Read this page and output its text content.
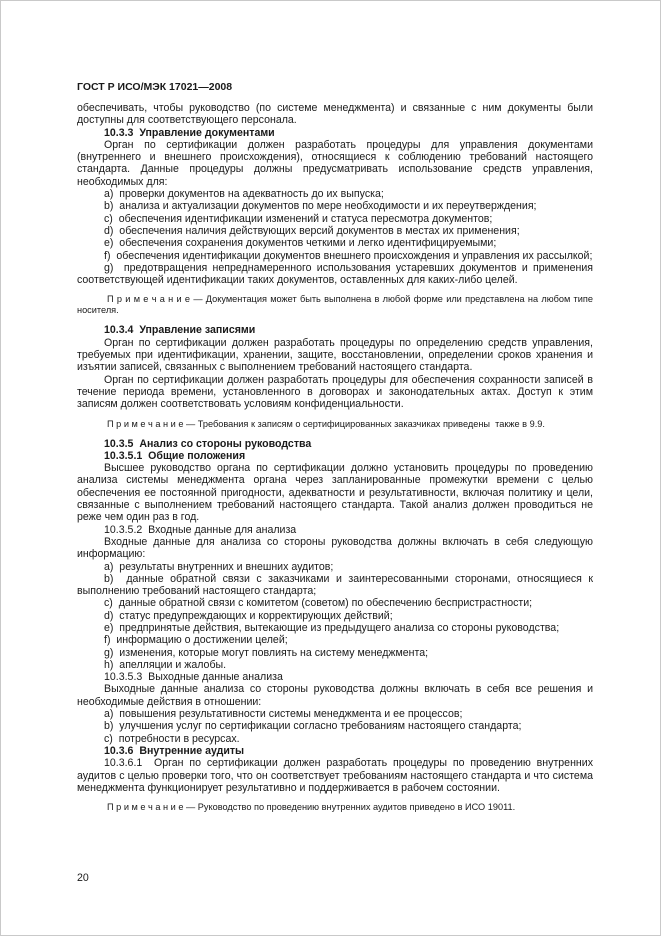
ГОСТ Р ИСО/МЭК 17021—2008

обеспечивать, чтобы руководство (по системе менеджмента) и связанные с ним документы были доступны для соответствующего персонала.

10.3.3  Управление документами

Орган по сертификации должен разработать процедуры для управления документами (внутреннего и внешнего происхождения), относящиеся к соблюдению требований настоящего стандарта. Данные процедуры должны предусматривать использование средств управления, необходимых для:

a)  проверки документов на адекватность до их выпуска;

b)  анализа и актуализации документов по мере необходимости и их переутверждения;

c)  обеспечения идентификации изменений и статуса пересмотра документов;

d)  обеспечения наличия действующих версий документов в местах их применения;

e)  обеспечения сохранения документов четкими и легко идентифицируемыми;

f)  обеспечения идентификации документов внешнего происхождения и управления их рассылкой;

g)  предотвращения непреднамеренного использования устаревших документов и применения соответствующей идентификации таких документов, оставленных для каких-либо целей.

П р и м е ч а н и е — Документация может быть выполнена в любой форме или представлена на любом типе носителя.

10.3.4  Управление записями

Орган по сертификации должен разработать процедуры по определению средств управления, требуемых при идентификации, хранении, защите, восстановлении, определении сроков хранения и изъятии записей, связанных с выполнением требований настоящего стандарта.

Орган по сертификации должен разработать процедуры для обеспечения сохранности записей в течение периода времени, установленного в договорах и законодательных актах. Доступ к этим записям должен соответствовать условиям конфиденциальности.

П р и м е ч а н и е — Требования к записям о сертифицированных заказчиках приведены  также в 9.9.

10.3.5  Анализ со стороны руководства

10.3.5.1  Общие положения

Высшее руководство органа по сертификации должно установить процедуры по проведению анализа системы менеджмента органа через запланированные промежутки времени с целью обеспечения ее постоянной пригодности, адекватности и результативности, включая политику и цели, связанные с выполнением требований настоящего стандарта. Такой анализ должен проводиться не реже чем один раз в год.

10.3.5.2  Входные данные для анализа

Входные данные для анализа со стороны руководства должны включать в себя следующую информацию:

a)  результаты внутренних и внешних аудитов;

b)  данные обратной связи с заказчиками и заинтересованными сторонами, относящиеся к выполнению требований настоящего стандарта;

c)  данные обратной связи с комитетом (советом) по обеспечению беспристрастности;

d)  статус предупреждающих и корректирующих действий;

e)  предпринятые действия, вытекающие из предыдущего анализа со стороны руководства;

f)  информацию о достижении целей;

g)  изменения, которые могут повлиять на систему менеджмента;

h)  апелляции и жалобы.

10.3.5.3  Выходные данные анализа

Выходные данные анализа со стороны руководства должны включать в себя все решения и необходимые действия в отношении:

a)  повышения результативности системы менеджмента и ее процессов;

b)  улучшения услуг по сертификации согласно требованиям настоящего стандарта;

c)  потребности в ресурсах.

10.3.6  Внутренние аудиты

10.3.6.1  Орган по сертификации должен разработать процедуры по проведению внутренних аудитов с целью проверки того, что он соответствует требованиям настоящего стандарта и что система менеджмента функционирует результативно и поддерживается в рабочем состоянии.

П р и м е ч а н и е — Руководство по проведению внутренних аудитов приведено в ИСО 19011.

20
